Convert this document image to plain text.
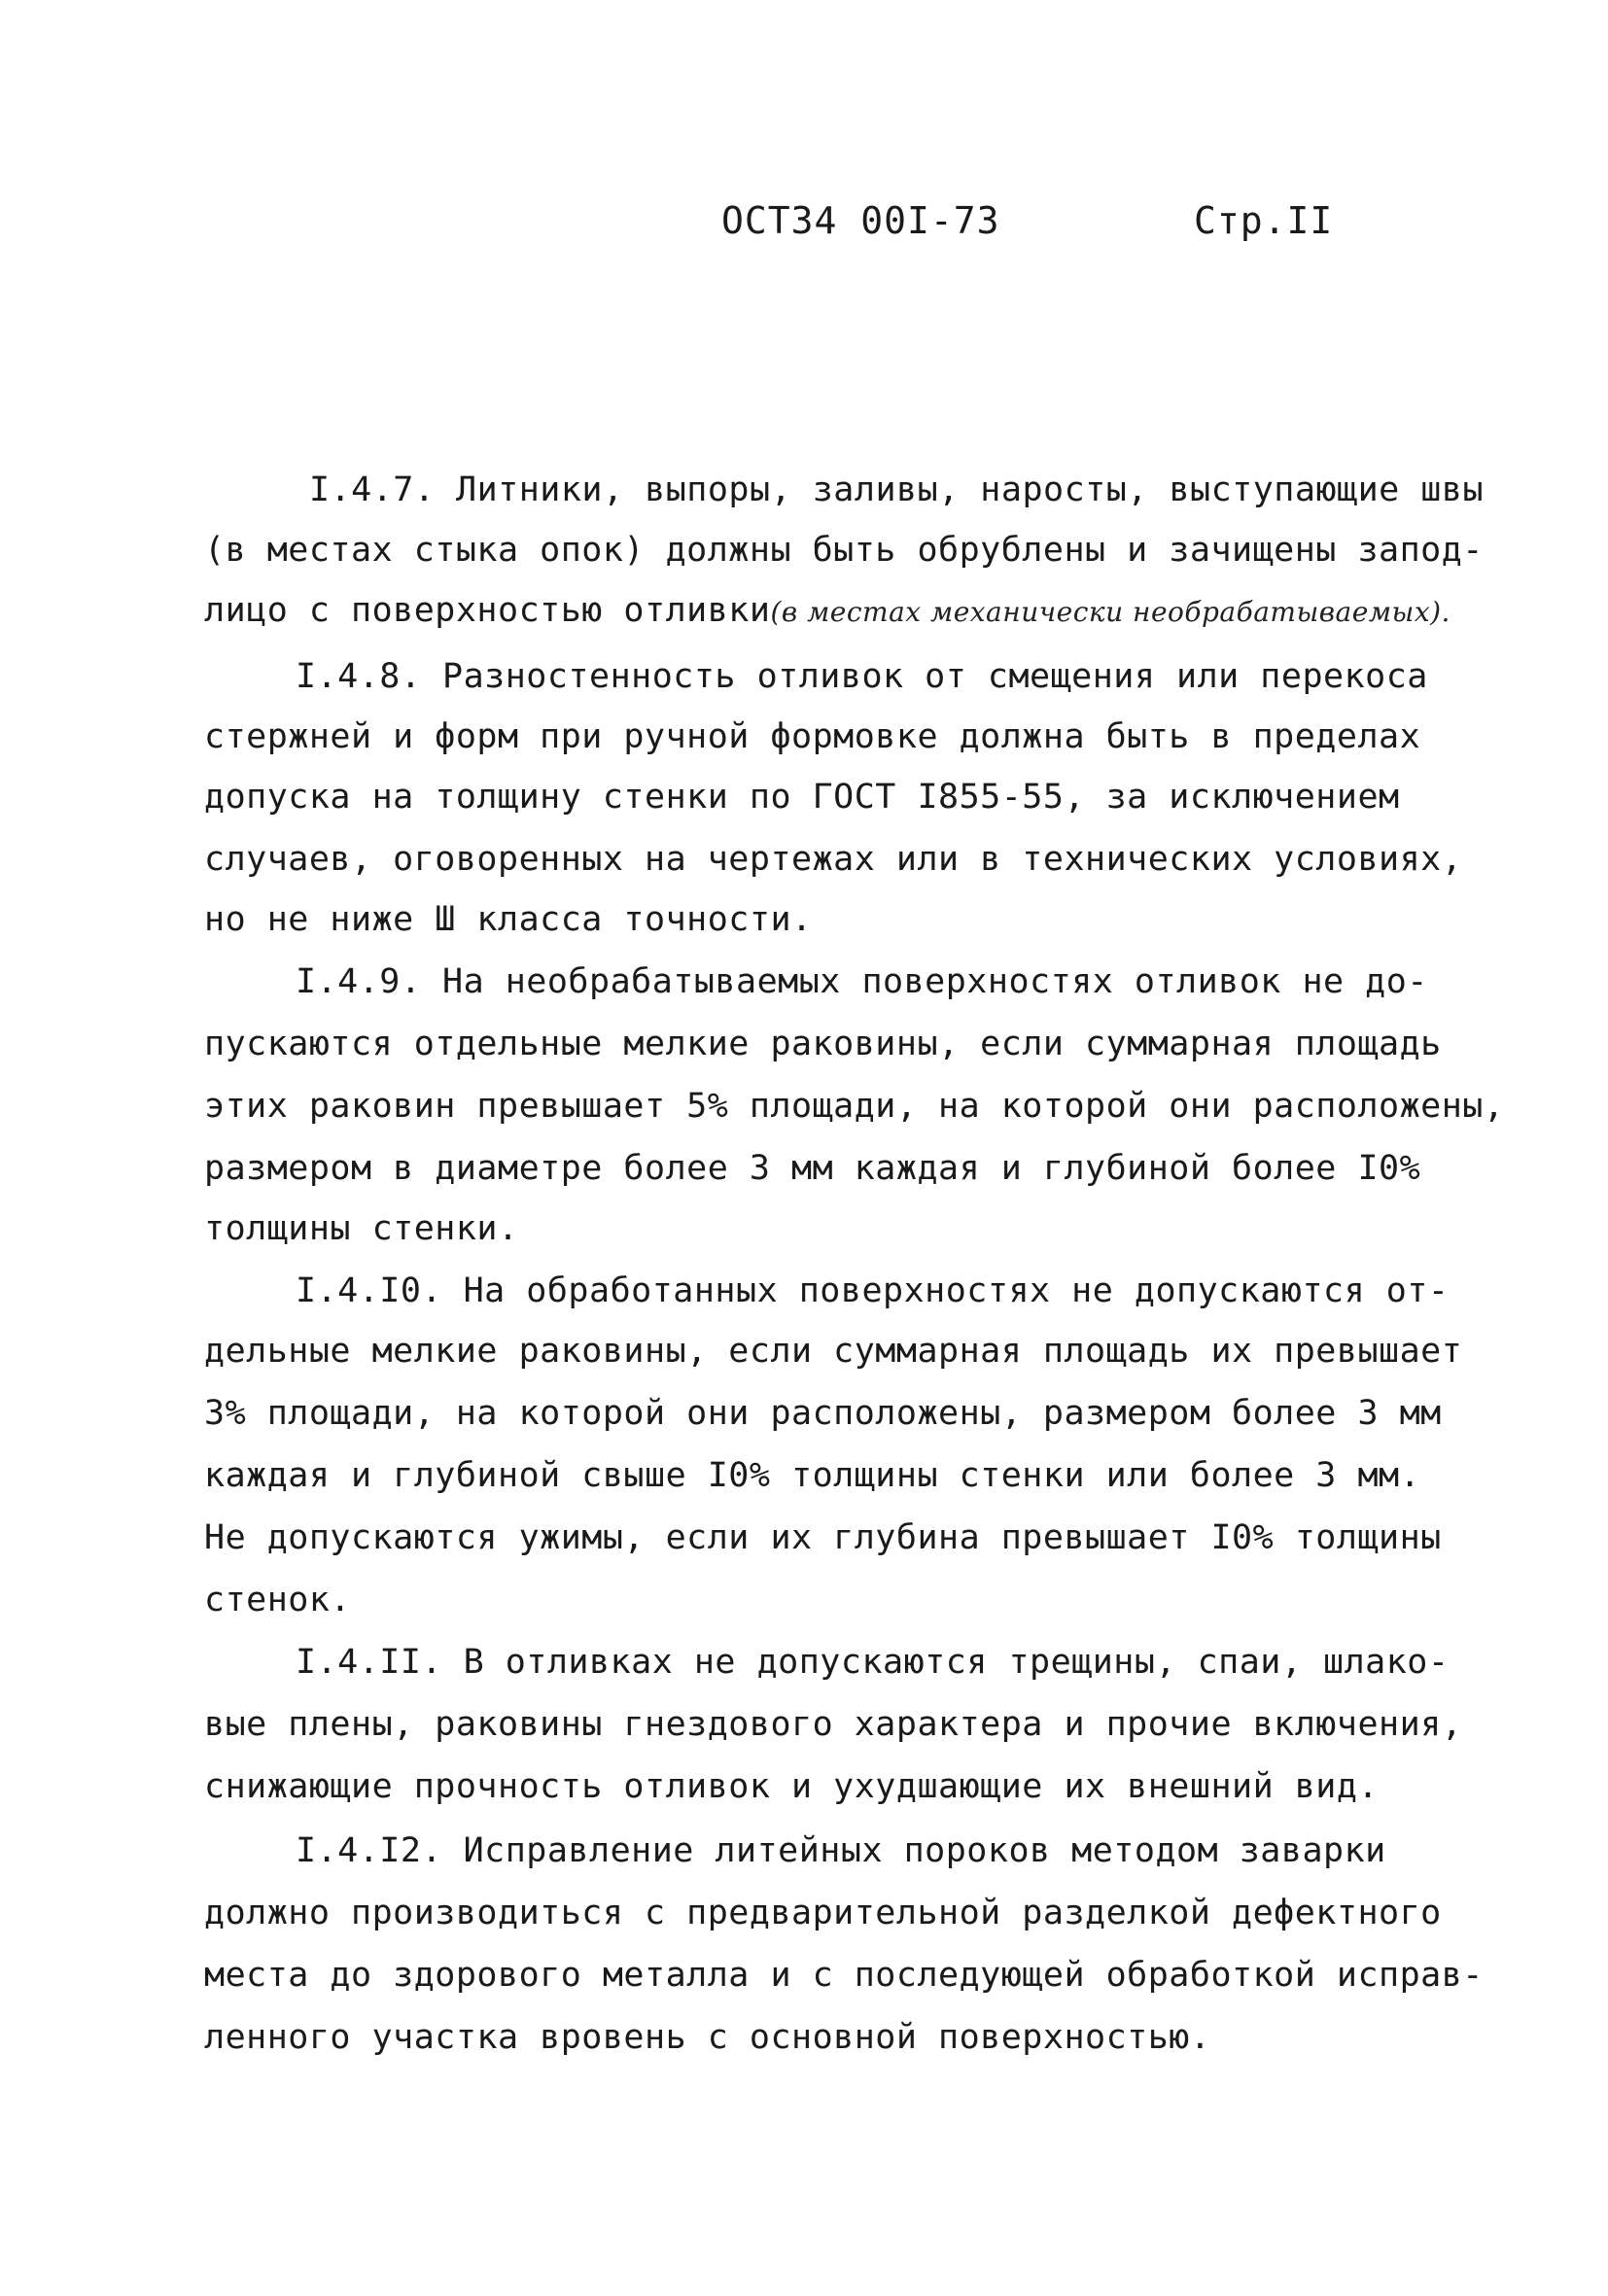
ОСТ34 00I-73	Стр.II
I.4.7. Литники, выпоры, заливы, наросты, выступающие швы
(в местах стыка опок) должны быть обрублены и зачищены запод-
лицо с поверхностью отливки(в местах механически необрабатываемых).
I.4.8. Разностенность отливок от смещения или перекоса
стержней и форм при ручной формовке должна быть в пределах
допуска на толщину стенки по ГОСТ I855-55, за исключением
случаев, оговоренных на чертежах или в технических условиях,
но не ниже Ш класса точности.
I.4.9. На необрабатываемых поверхностях отливок не до-
пускаются отдельные мелкие раковины, если суммарная площадь
этих раковин превышает 5% площади, на которой они расположены,
размером в диаметре более 3 мм каждая и глубиной более I0%
толщины стенки.
I.4.I0. На обработанных поверхностях не допускаются от-
дельные мелкие раковины, если суммарная площадь их превышает
3% площади, на которой они расположены, размером более 3 мм
каждая и глубиной свыше I0% толщины стенки или более 3 мм.
Не допускаются ужимы, если их глубина превышает I0% толщины
стенок.
I.4.II. В отливках не допускаются трещины, спаи, шлако-
вые плены, раковины гнездового характера и прочие включения,
снижающие прочность отливок и ухудшающие их внешний вид.
I.4.I2. Исправление литейных пороков методом заварки
должно производиться с предварительной разделкой дефектного
места до здорового металла и с последующей обработкой исправ-
ленного участка вровень с основной поверхностью.
